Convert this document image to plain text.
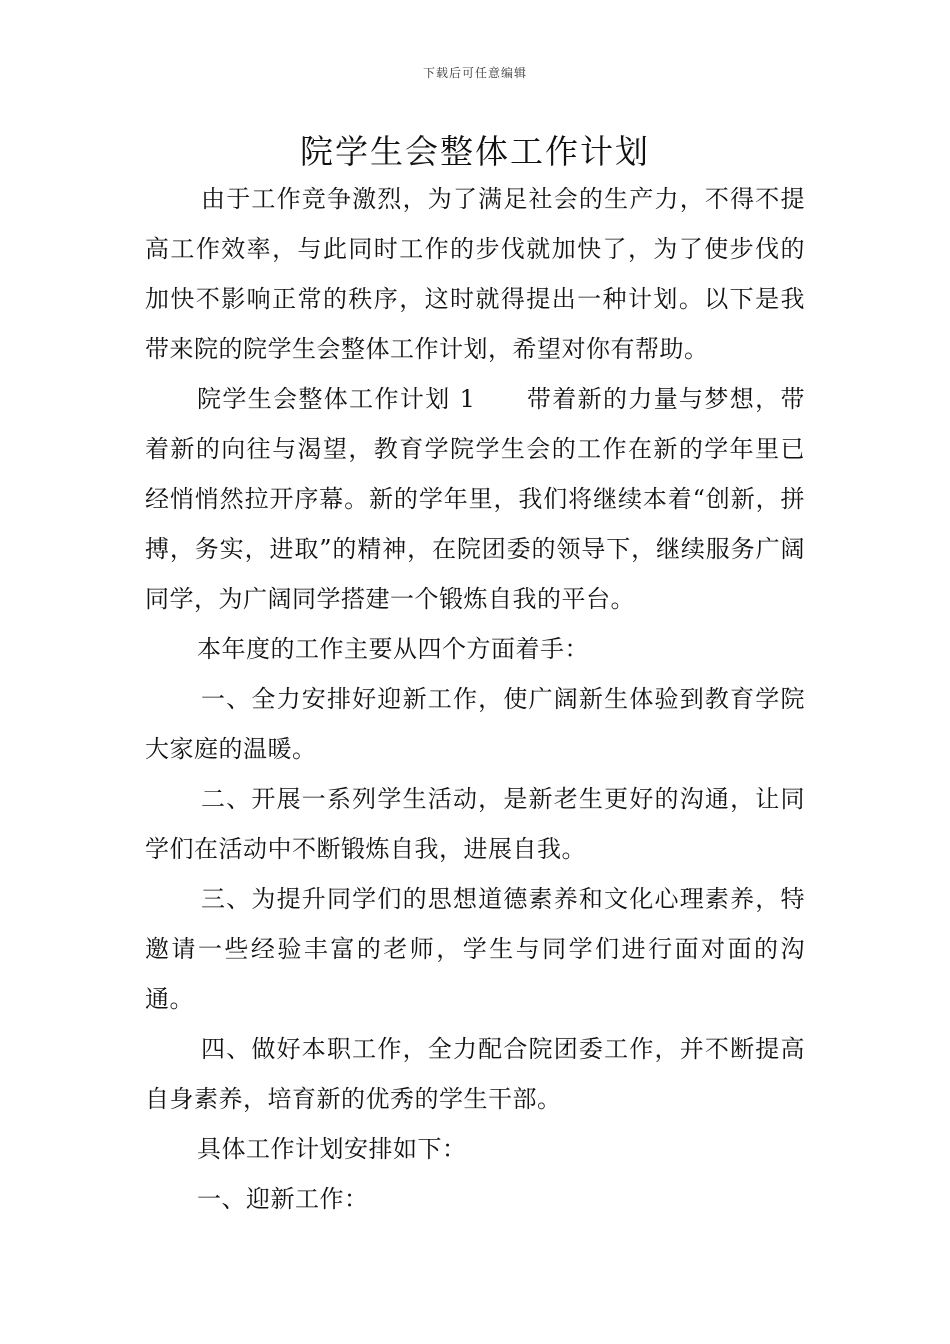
下载后可任意编辑
院学生会整体工作计划

由于工作竞争激烈，为了满足社会的生产力，不得不提高工作效率，与此同时工作的步伐就加快了，为了使步伐的加快不影响正常的秩序，这时就得提出一种计划。以下是我带来院的院学生会整体工作计划，希望对你有帮助。

院学生会整体工作计划 1　　带着新的力量与梦想，带着新的向往与渴望，教育学院学生会的工作在新的学年里已经悄悄然拉开序幕。新的学年里，我们将继续本着“创新，拼搏，务实，进取”的精神，在院团委的领导下，继续服务广阔同学，为广阔同学搭建一个锻炼自我的平台。

本年度的工作主要从四个方面着手：

一、全力安排好迎新工作，使广阔新生体验到教育学院大家庭的温暖。

二、开展一系列学生活动，是新老生更好的沟通，让同学们在活动中不断锻炼自我，进展自我。

三、为提升同学们的思想道德素养和文化心理素养，特邀请一些经验丰富的老师，学生与同学们进行面对面的沟通。

四、做好本职工作，全力配合院团委工作，并不断提高自身素养，培育新的优秀的学生干部。

具体工作计划安排如下：

一、迎新工作：
